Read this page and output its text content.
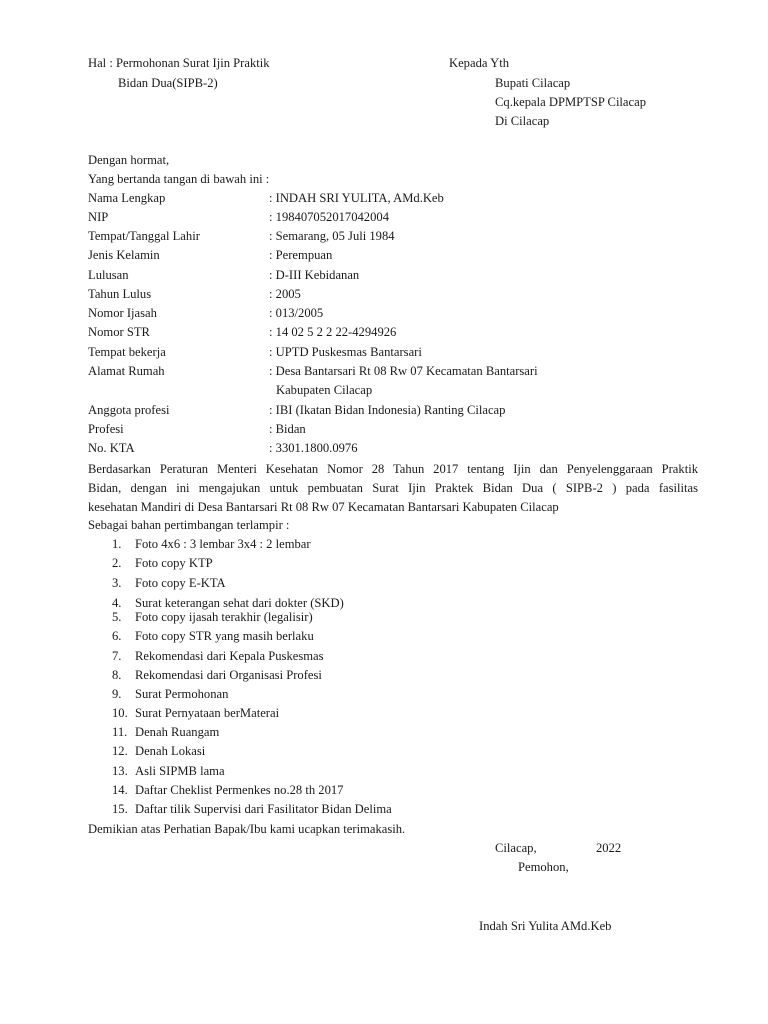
Hal : Permohonan Surat Ijin Praktik
Bidan Dua(SIPB-2)
Kepada Yth
Bupati Cilacap
Cq.kepala DPMPTSP Cilacap
Di Cilacap
Dengan hormat,
Yang bertanda tangan di bawah ini :
Nama Lengkap	: INDAH SRI YULITA, AMd.Keb
NIP	: 198407052017042004
Tempat/Tanggal Lahir	: Semarang, 05 Juli 1984
Jenis Kelamin	: Perempuan
Lulusan	: D-III Kebidanan
Tahun Lulus	: 2005
Nomor Ijasah	: 013/2005
Nomor STR	: 14 02 5 2 2 22-4294926
Tempat bekerja	: UPTD Puskesmas Bantarsari
Alamat Rumah	: Desa Bantarsari Rt 08 Rw 07 Kecamatan Bantarsari
Kabupaten Cilacap
Anggota profesi	: IBI (Ikatan Bidan Indonesia) Ranting Cilacap
Profesi	: Bidan
No. KTA	: 3301.1800.0976
Berdasarkan Peraturan Menteri Kesehatan Nomor 28 Tahun 2017 tentang Ijin dan Penyelenggaraan Praktik
Bidan, dengan ini mengajukan untuk pembuatan Surat Ijin Praktek Bidan Dua ( SIPB-2 ) pada fasilitas
kesehatan Mandiri di Desa Bantarsari Rt 08 Rw 07 Kecamatan Bantarsari Kabupaten Cilacap
Sebagai bahan pertimbangan terlampir :
1. Foto 4x6 : 3 lembar 3x4 : 2 lembar
2. Foto copy KTP
3. Foto copy E-KTA
4. Surat keterangan sehat dari dokter (SKD)
5. Foto copy ijasah terakhir (legalisir)
6. Foto copy STR yang masih berlaku
7. Rekomendasi dari Kepala Puskesmas
8. Rekomendasi dari Organisasi Profesi
9. Surat Permohonan
10. Surat Pernyataan berMaterai
11. Denah Ruangam
12. Denah Lokasi
13. Asli SIPMB lama
14. Daftar Cheklist Permenkes no.28 th 2017
15. Daftar tilik Supervisi dari Fasilitator Bidan Delima
Demikian atas Perhatian Bapak/Ibu kami ucapkan terimakasih.
Cilacap,	2022
Pemohon,
Indah Sri Yulita AMd.Keb
